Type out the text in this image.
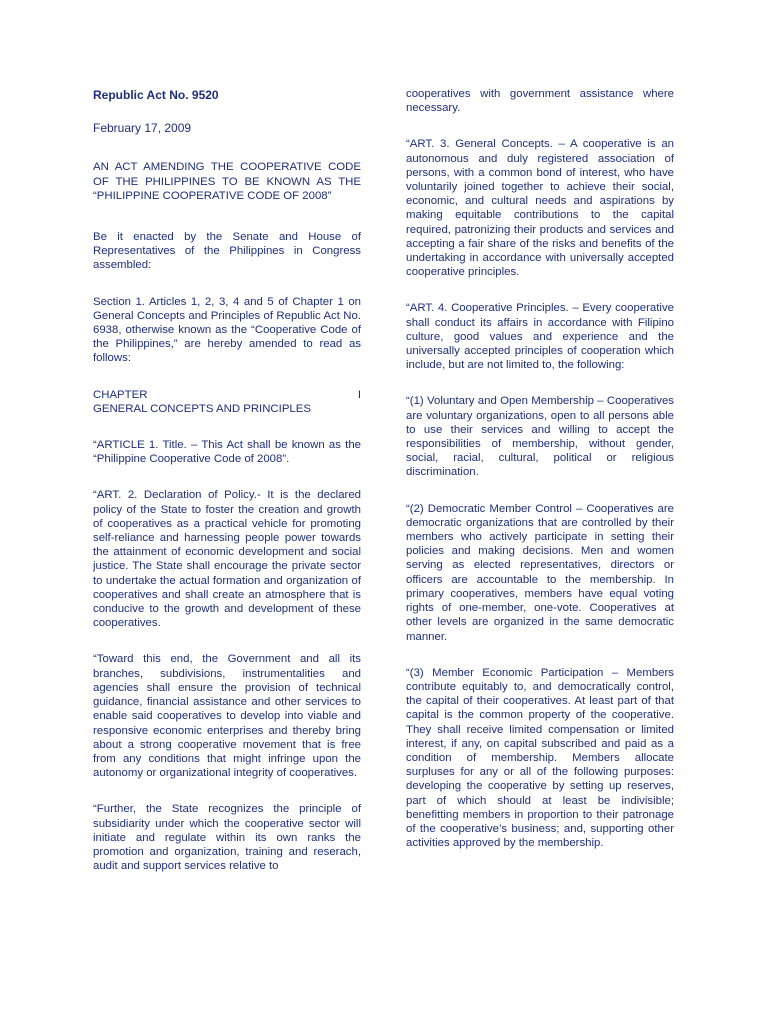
Republic Act No. 9520
February 17, 2009
AN ACT AMENDING THE COOPERATIVE CODE OF THE PHILIPPINES TO BE KNOWN AS THE “PHILIPPINE COOPERATIVE CODE OF 2008”
Be it enacted by the Senate and House of Representatives of the Philippines in Congress assembled:
Section 1. Articles 1, 2, 3, 4 and 5 of Chapter 1 on General Concepts and Principles of Republic Act No. 6938, otherwise known as the “Cooperative Code of the Philippines,” are hereby amended to read as follows:
CHAPTER	I
GENERAL CONCEPTS AND PRINCIPLES
“ARTICLE 1. Title. – This Act shall be known as the “Philippine Cooperative Code of 2008”.
“ART. 2. Declaration of Policy.- It is the declared policy of the State to foster the creation and growth of cooperatives as a practical vehicle for promoting self-reliance and harnessing people power towards the attainment of economic development and social justice. The State shall encourage the private sector to undertake the actual formation and organization of cooperatives and shall create an atmosphere that is conducive to the growth and development of these cooperatives.
“Toward this end, the Government and all its branches, subdivisions, instrumentalities and agencies shall ensure the provision of technical guidance, financial assistance and other services to enable said cooperatives to develop into viable and responsive economic enterprises and thereby bring about a strong cooperative movement that is free from any conditions that might infringe upon the autonomy or organizational integrity of cooperatives.
“Further, the State recognizes the principle of subsidiarity under which the cooperative sector will initiate and regulate within its own ranks the promotion and organization, training and reserach, audit and support services relative to
cooperatives with government assistance where necessary.
“ART. 3. General Concepts. – A cooperative is an autonomous and duly registered association of persons, with a common bond of interest, who have voluntarily joined together to achieve their social, economic, and cultural needs and aspirations by making equitable contributions to the capital required, patronizing their products and services and accepting a fair share of the risks and benefits of the undertaking in accordance with universally accepted cooperative principles.
“ART. 4. Cooperative Principles. – Every cooperative shall conduct its affairs in accordance with Filipino culture, good values and experience and the universally accepted principles of cooperation which include, but are not limited to, the following:
“(1) Voluntary and Open Membership – Cooperatives are voluntary organizations, open to all persons able to use their services and willing to accept the responsibilities of membership, without gender, social, racial, cultural, political or religious discrimination.
“(2) Democratic Member Control – Cooperatives are democratic organizations that are controlled by their members who actively participate in setting their policies and making decisions. Men and women serving as elected representatives, directors or officers are accountable to the membership. In primary cooperatives, members have equal voting rights of one-member, one-vote. Cooperatives at other levels are organized in the same democratic manner.
“(3) Member Economic Participation – Members contribute equitably to, and democratically control, the capital of their cooperatives. At least part of that capital is the common property of the cooperative. They shall receive limited compensation or limited interest, if any, on capital subscribed and paid as a condition of membership. Members allocate surpluses for any or all of the following purposes: developing the cooperative by setting up reserves, part of which should at least be indivisible; benefitting members in proportion to their patronage of the cooperative’s business; and, supporting other activities approved by the membership.
